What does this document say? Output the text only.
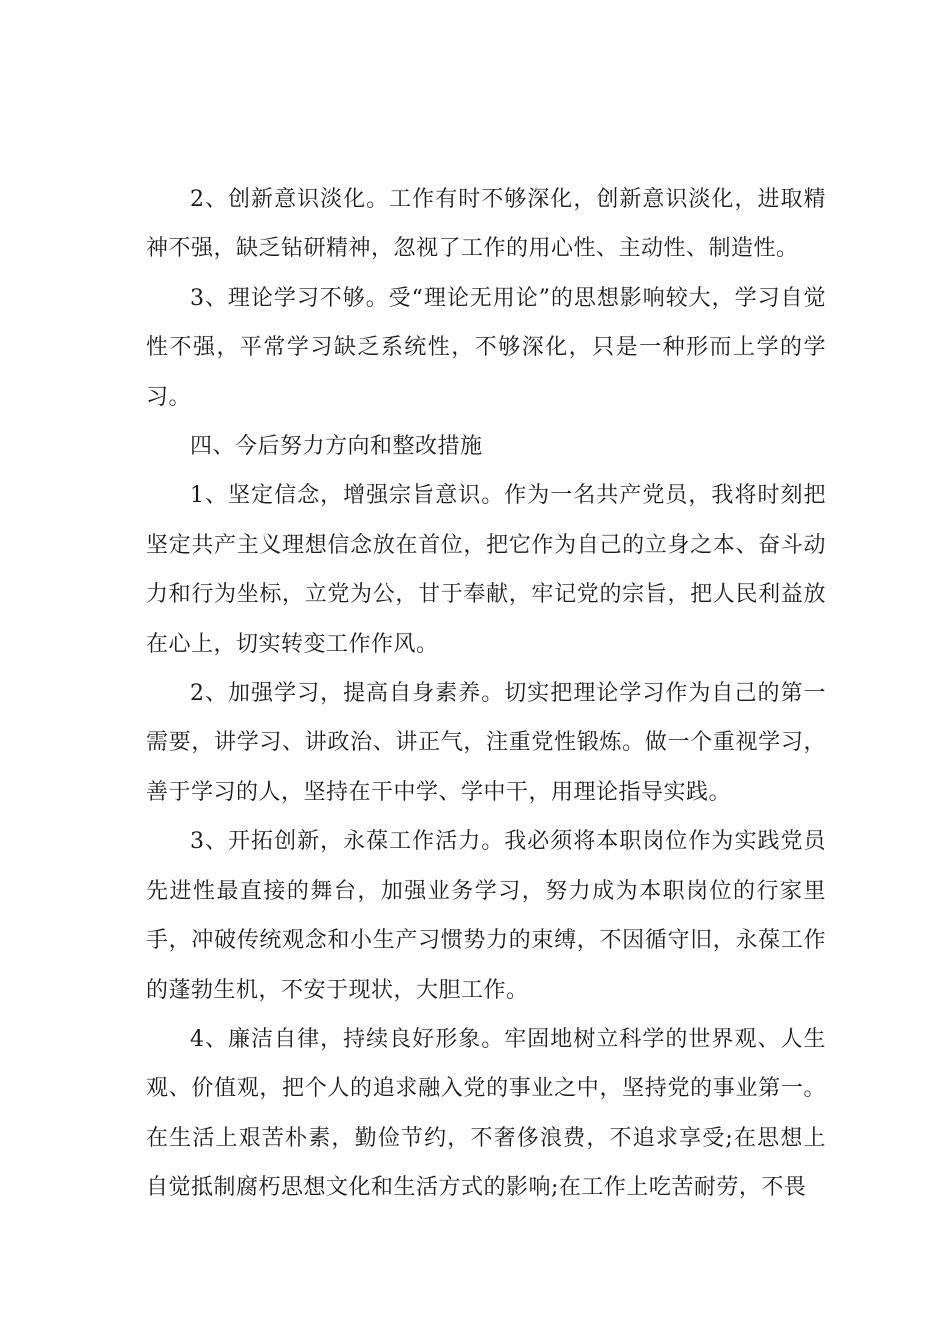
2、创新意识淡化。工作有时不够深化，创新意识淡化，进取精神不强，缺乏钻研精神，忽视了工作的用心性、主动性、制造性。

3、理论学习不够。受“理论无用论”的思想影响较大，学习自觉性不强，平常学习缺乏系统性，不够深化，只是一种形而上学的学习。

四、今后努力方向和整改措施

1、坚定信念，增强宗旨意识。作为一名共产党员，我将时刻把坚定共产主义理想信念放在首位，把它作为自己的立身之本、奋斗动力和行为坐标，立党为公，甘于奉献，牢记党的宗旨，把人民利益放在心上，切实转变工作作风。

2、加强学习，提高自身素养。切实把理论学习作为自己的第一需要，讲学习、讲政治、讲正气，注重党性锻炼。做一个重视学习，善于学习的人，坚持在干中学、学中干，用理论指导实践。

3、开拓创新，永葆工作活力。我必须将本职岗位作为实践党员先进性最直接的舞台，加强业务学习，努力成为本职岗位的行家里手，冲破传统观念和小生产习惯势力的束缚，不因循守旧，永葆工作的蓬勃生机，不安于现状，大胆工作。

4、廉洁自律，持续良好形象。牢固地树立科学的世界观、人生观、价值观，把个人的追求融入党的事业之中，坚持党的事业第一。在生活上艰苦朴素，勤俭节约，不奢侈浪费，不追求享受;在思想上自觉抵制腐朽思想文化和生活方式的影响;在工作上吃苦耐劳，不畏
